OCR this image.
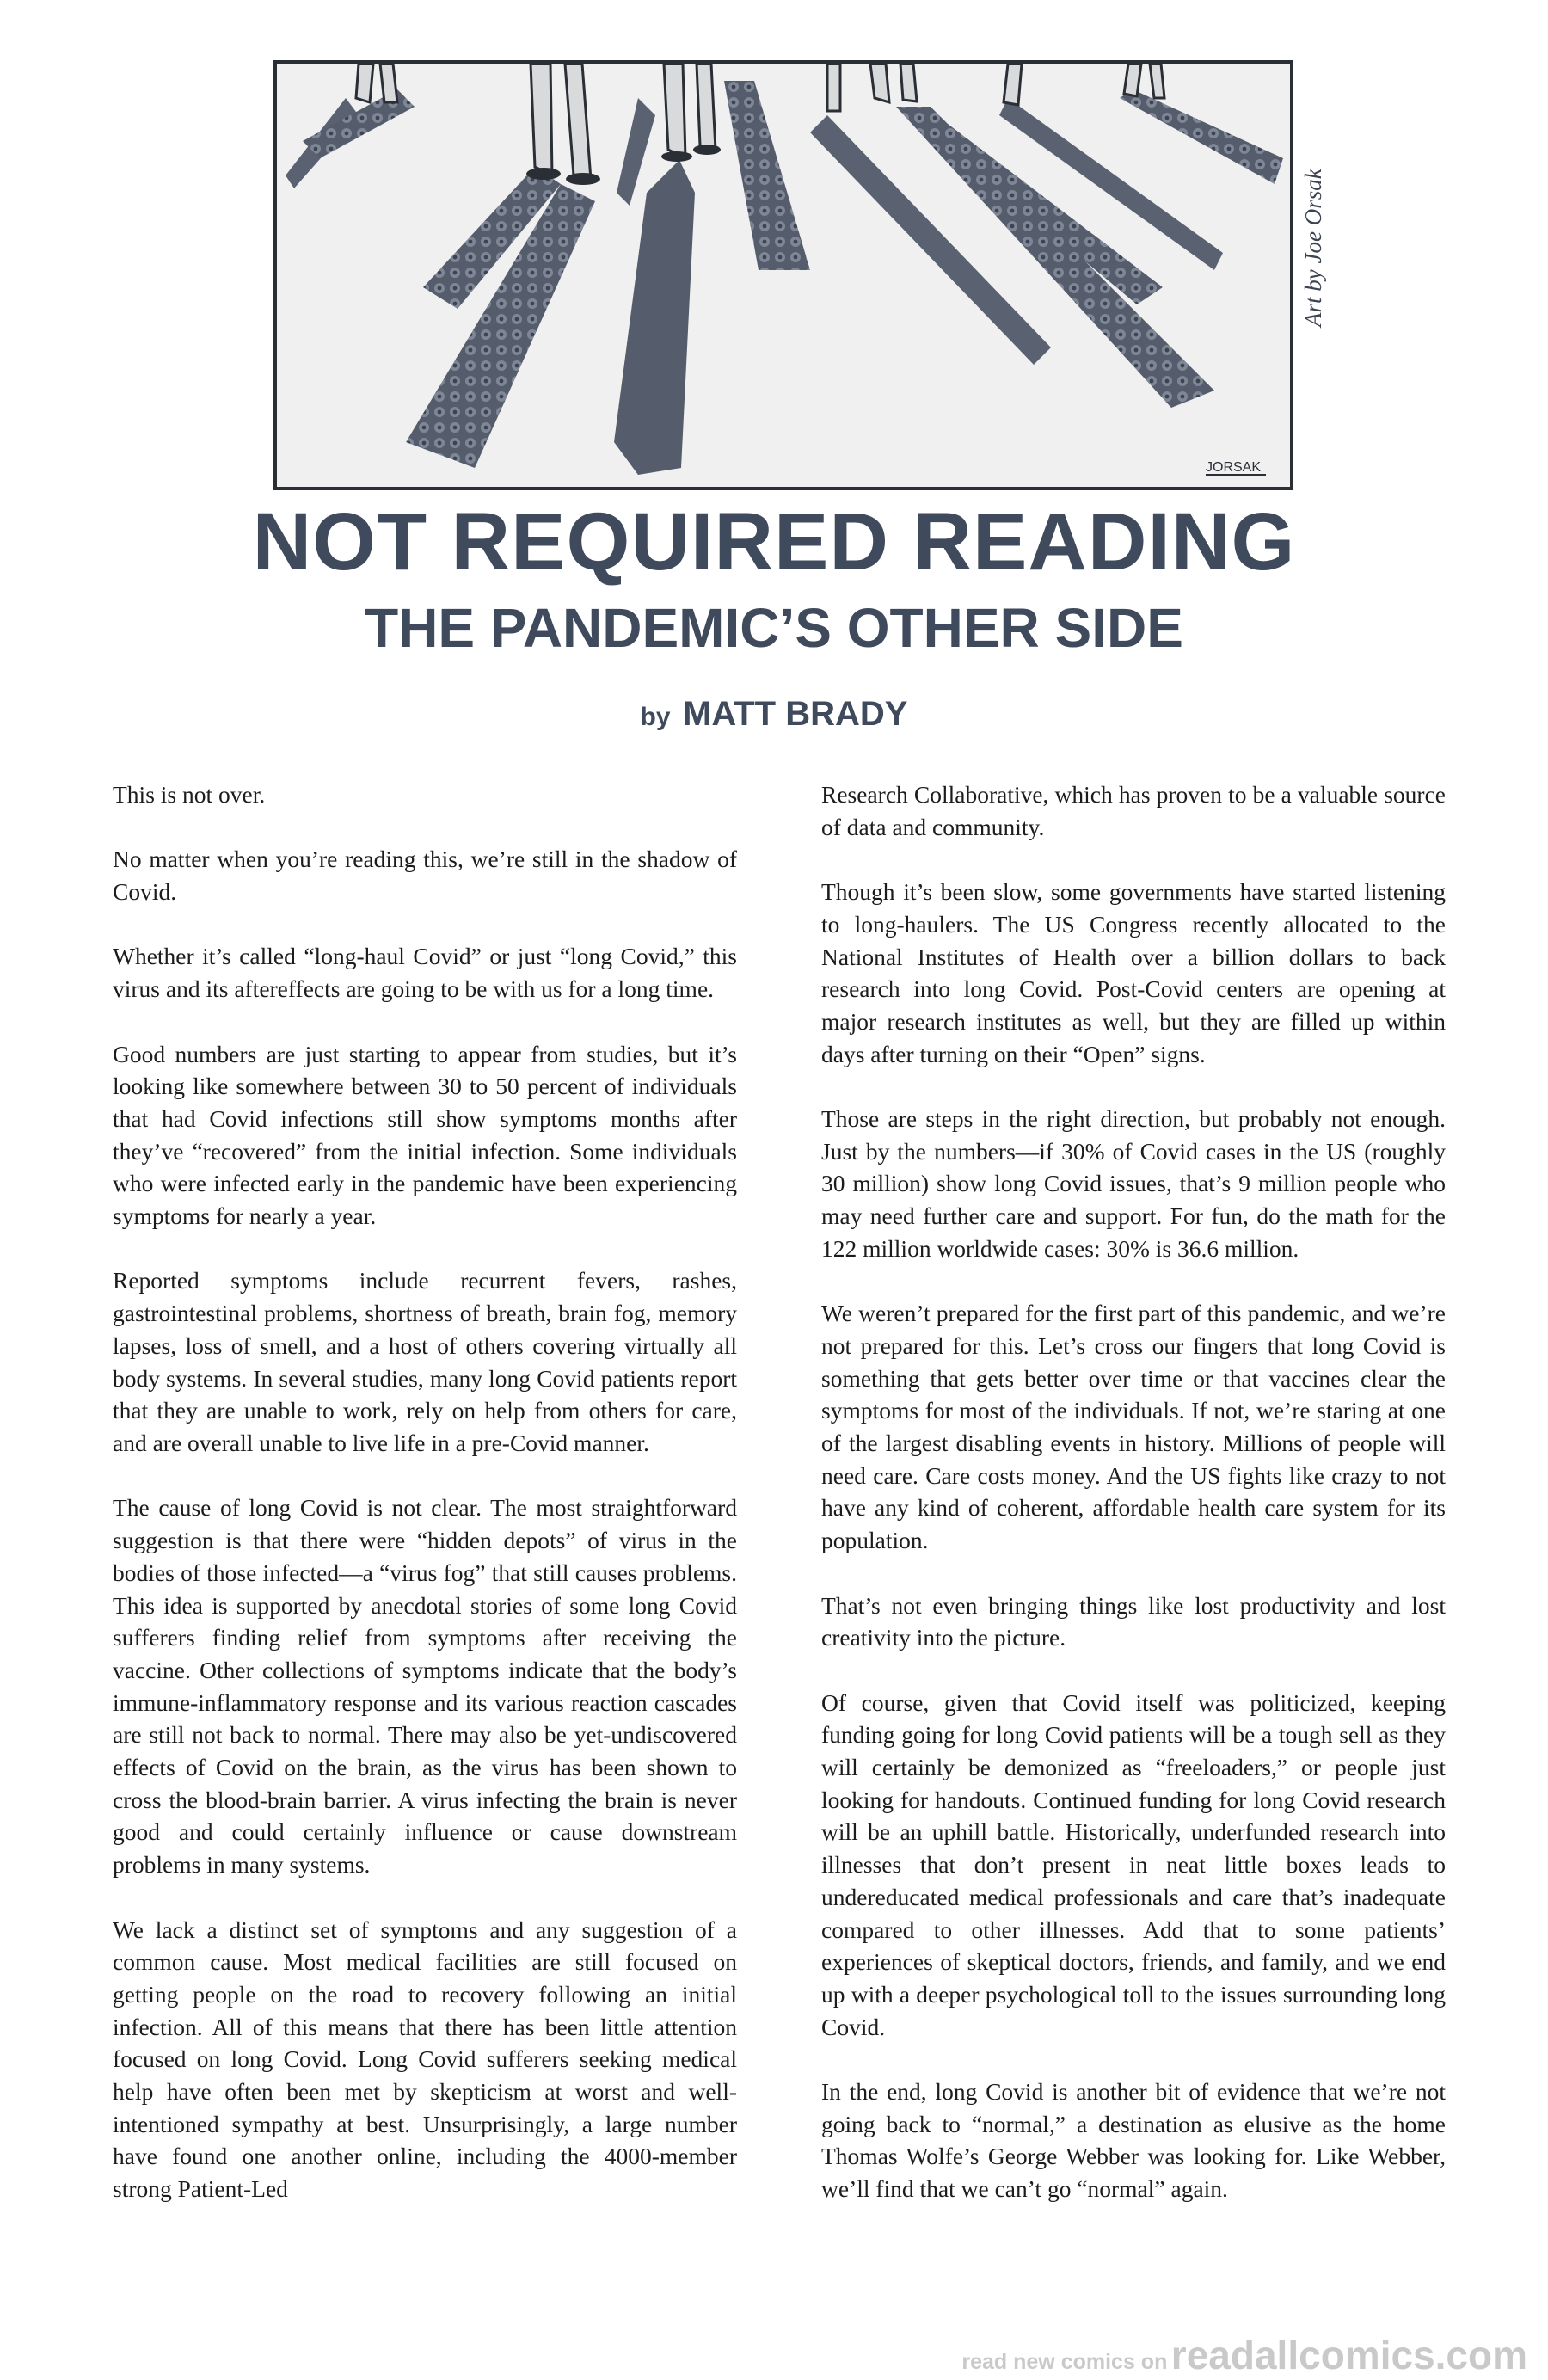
JORSAK
Art by Joe Orsak
NOT REQUIRED READING
THE PANDEMIC’S OTHER SIDE
by MATT BRADY

This is not over.

No matter when you’re reading this, we’re still in the shadow of Covid.

Whether it’s called “long-haul Covid” or just “long Covid,” this virus and its aftereffects are going to be with us for a long time.

Good numbers are just starting to appear from studies, but it’s looking like somewhere between 30 to 50 percent of individuals that had Covid infections still show symptoms months after they’ve “recovered” from the initial infection. Some individuals who were infected early in the pandemic have been experiencing symptoms for nearly a year.

Reported symptoms include recurrent fevers, rashes, gastrointestinal problems, shortness of breath, brain fog, memory lapses, loss of smell, and a host of others covering virtually all body systems. In several studies, many long Covid patients report that they are unable to work, rely on help from others for care, and are overall unable to live life in a pre-Covid manner.

The cause of long Covid is not clear. The most straightforward suggestion is that there were “hidden depots” of virus in the bodies of those infected—a “virus fog” that still causes problems. This idea is supported by anecdotal stories of some long Covid sufferers finding relief from symptoms after receiving the vaccine. Other collections of symptoms indicate that the body’s immune-inflammatory response and its various reaction cascades are still not back to normal. There may also be yet-undiscovered effects of Covid on the brain, as the virus has been shown to cross the blood-brain barrier. A virus infecting the brain is never good and could certainly influence or cause downstream problems in many systems.

We lack a distinct set of symptoms and any suggestion of a common cause. Most medical facilities are still focused on getting people on the road to recovery following an initial infection. All of this means that there has been little attention focused on long Covid. Long Covid sufferers seeking medical help have often been met by skepticism at worst and well-intentioned sympathy at best. Unsurprisingly, a large number have found one another online, including the 4000-member strong Patient-Led

Research Collaborative, which has proven to be a valuable source of data and community.

Though it’s been slow, some governments have started listening to long-haulers. The US Congress recently allocated to the National Institutes of Health over a billion dollars to back research into long Covid. Post-Covid centers are opening at major research institutes as well, but they are filled up within days after turning on their “Open” signs.

Those are steps in the right direction, but probably not enough. Just by the numbers—if 30% of Covid cases in the US (roughly 30 million) show long Covid issues, that’s 9 million people who may need further care and support. For fun, do the math for the 122 million worldwide cases: 30% is 36.6 million.

We weren’t prepared for the first part of this pandemic, and we’re not prepared for this. Let’s cross our fingers that long Covid is something that gets better over time or that vaccines clear the symptoms for most of the individuals. If not, we’re staring at one of the largest disabling events in history. Millions of people will need care. Care costs money. And the US fights like crazy to not have any kind of coherent, affordable health care system for its population.

That’s not even bringing things like lost productivity and lost creativity into the picture.

Of course, given that Covid itself was politicized, keeping funding going for long Covid patients will be a tough sell as they will certainly be demonized as “freeloaders,” or people just looking for handouts. Continued funding for long Covid research will be an uphill battle. Historically, underfunded research into illnesses that don’t present in neat little boxes leads to undereducated medical professionals and care that’s inadequate compared to other illnesses. Add that to some patients’ experiences of skeptical doctors, friends, and family, and we end up with a deeper psychological toll to the issues surrounding long Covid.

In the end, long Covid is another bit of evidence that we’re not going back to “normal,” a destination as elusive as the home Thomas Wolfe’s George Webber was looking for. Like Webber, we’ll find that we can’t go “normal” again.

read new comics on readallcomics.com
